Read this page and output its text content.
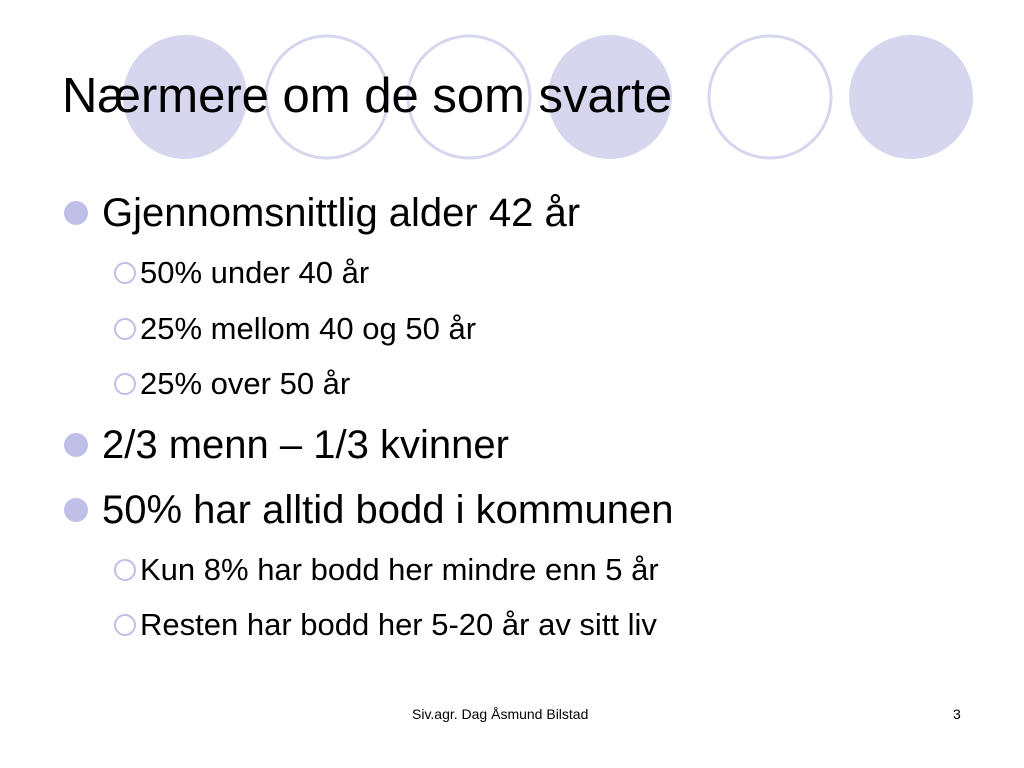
Nærmere om de som svarte
Gjennomsnittlig alder 42 år
50% under 40 år
25% mellom 40 og 50 år
25% over 50 år
2/3 menn – 1/3 kvinner
50% har alltid bodd i kommunen
Kun 8% har bodd her mindre enn 5 år
Resten har bodd her 5-20 år av sitt liv
Siv.agr. Dag Åsmund Bilstad	3
